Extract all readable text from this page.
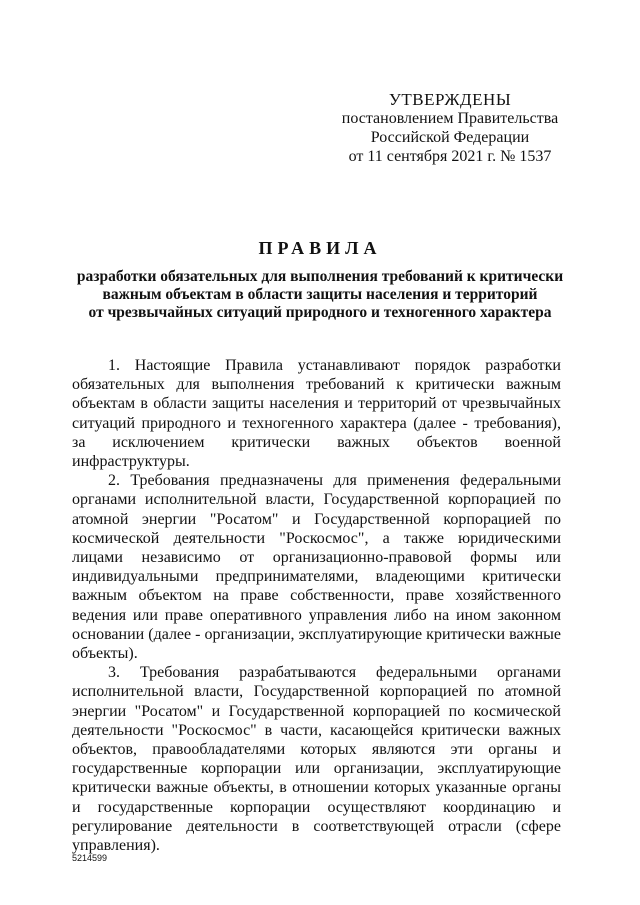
УТВЕРЖДЕНЫ
постановлением Правительства
Российской Федерации
от 11 сентября 2021 г. № 1537
ПРАВИЛА
разработки обязательных для выполнения требований к критически
важным объектам в области защиты населения и территорий
от чрезвычайных ситуаций природного и техногенного характера

1. Настоящие Правила устанавливают порядок разработки обязательных для выполнения требований к критически важным объектам в области защиты населения и территорий от чрезвычайных ситуаций природного и техногенного характера (далее - требования), за исключением критически важных объектов военной инфраструктуры.

2. Требования предназначены для применения федеральными органами исполнительной власти, Государственной корпорацией по атомной энергии "Росатом" и Государственной корпорацией по космической деятельности "Роскосмос", а также юридическими лицами независимо от организационно-правовой формы или индивидуальными предпринимателями, владеющими критически важным объектом на праве собственности, праве хозяйственного ведения или праве оперативного управления либо на ином законном основании (далее - организации, эксплуатирующие критически важные объекты).

3. Требования разрабатываются федеральными органами исполнительной власти, Государственной корпорацией по атомной энергии "Росатом" и Государственной корпорацией по космической деятельности "Роскосмос" в части, касающейся критически важных объектов, правообладателями которых являются эти органы и государственные корпорации или организации, эксплуатирующие критически важные объекты, в отношении которых указанные органы и государственные корпорации осуществляют координацию и регулирование деятельности в соответствующей отрасли (сфере управления).

5214599
